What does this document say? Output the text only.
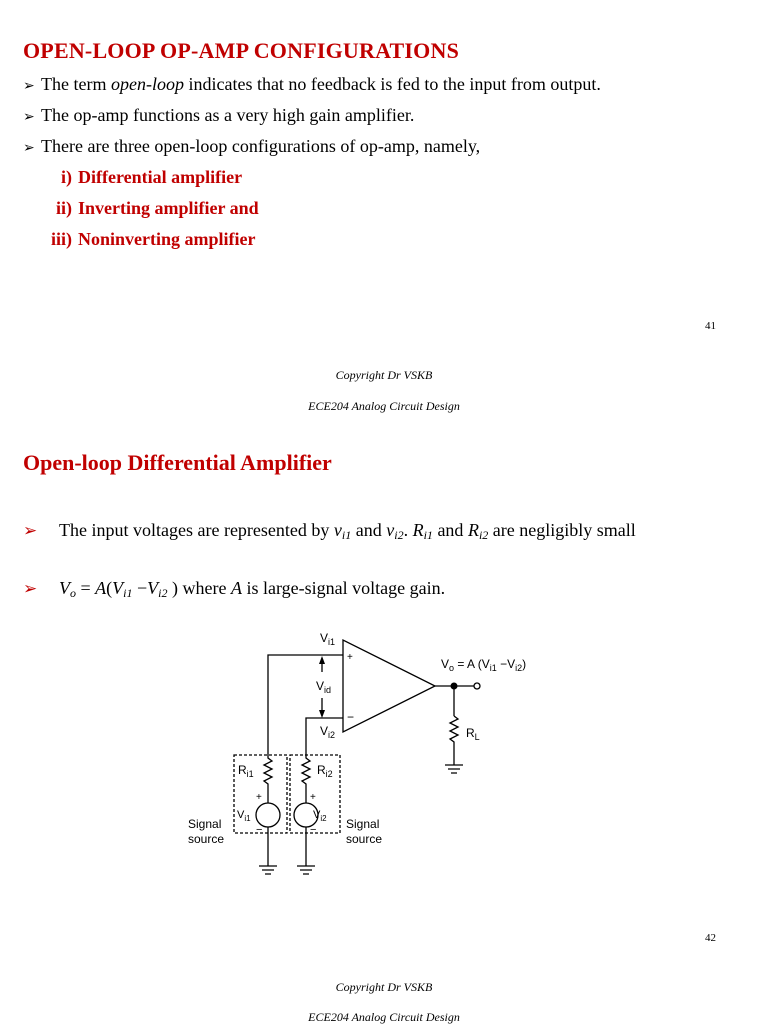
OPEN-LOOP OP-AMP CONFIGURATIONS
➢ The term open-loop indicates that no feedback is fed to the input from output.
➢ The op-amp functions as a very high gain amplifier.
➢ There are three open-loop configurations of op-amp, namely,
i) Differential amplifier
ii) Inverting amplifier and
iii) Noninverting amplifier
41
Copyright Dr VSKB
ECE204 Analog Circuit Design
Open-loop Differential Amplifier
➢ The input voltages are represented by $v_{i1}$ and $v_{i2}$. $R_{i1}$ and $R_{i2}$ are negligibly small
➢ $V_o = A(V_{i1} -V_{i2}$ ) where A is large-signal voltage gain.
$V_{i1}$
+
−
$V_{id}$
$V_{i2}$
$V_o = A$ $(V_{i1} -V_{i2})$
$R_L$
$R_{i1}$	$R_{i2}$
+	+
−	−
$V_{i1}$	$V_{i2}$
Signal
source
Signal
source
42
Copyright Dr VSKB
ECE204 Analog Circuit Design
